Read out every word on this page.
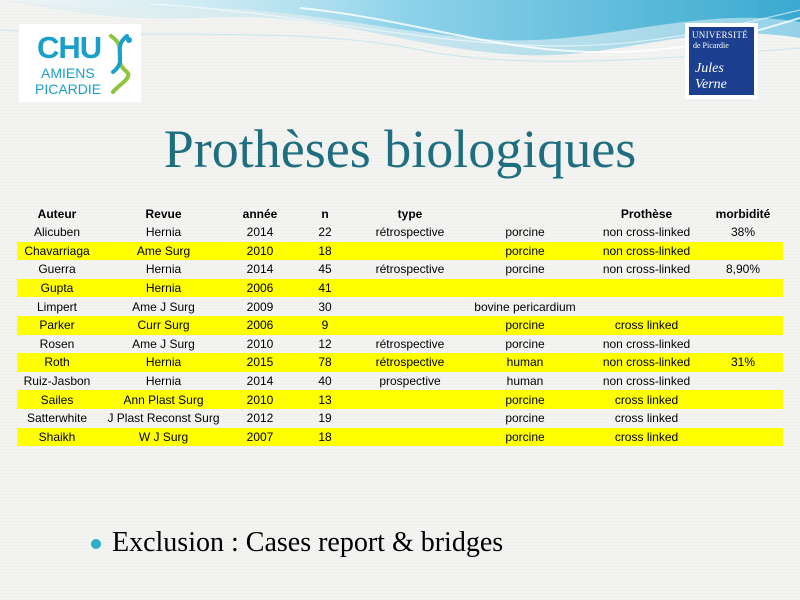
CHU
AMIENS
PICARDIE
UNIVERSITÉ
de Picardie
Jules Verne
Prothèses biologiques
Auteur	Revue	année	n	type		Prothèse	morbidité
Alicuben	Hernia	2014	22	rétrospective	porcine	non cross-linked	38%
Chavarriaga	Ame Surg	2010	18		porcine	non cross-linked	
Guerra	Hernia	2014	45	rétrospective	porcine	non cross-linked	8,90%
Gupta	Hernia	2006	41				
Limpert	Ame J Surg	2009	30		bovine pericardium		
Parker	Curr Surg	2006	9		porcine	cross linked	
Rosen	Ame J Surg	2010	12	rétrospective	porcine	non cross-linked	
Roth	Hernia	2015	78	rétrospective	human	non cross-linked	31%
Ruiz-Jasbon	Hernia	2014	40	prospective	human	non cross-linked	
Sailes	Ann Plast Surg	2010	13		porcine	cross linked	
Satterwhite	J Plast Reconst Surg	2012	19		porcine	cross linked	
Shaikh	W J Surg	2007	18		porcine	cross linked	
Exclusion : Cases report & bridges
